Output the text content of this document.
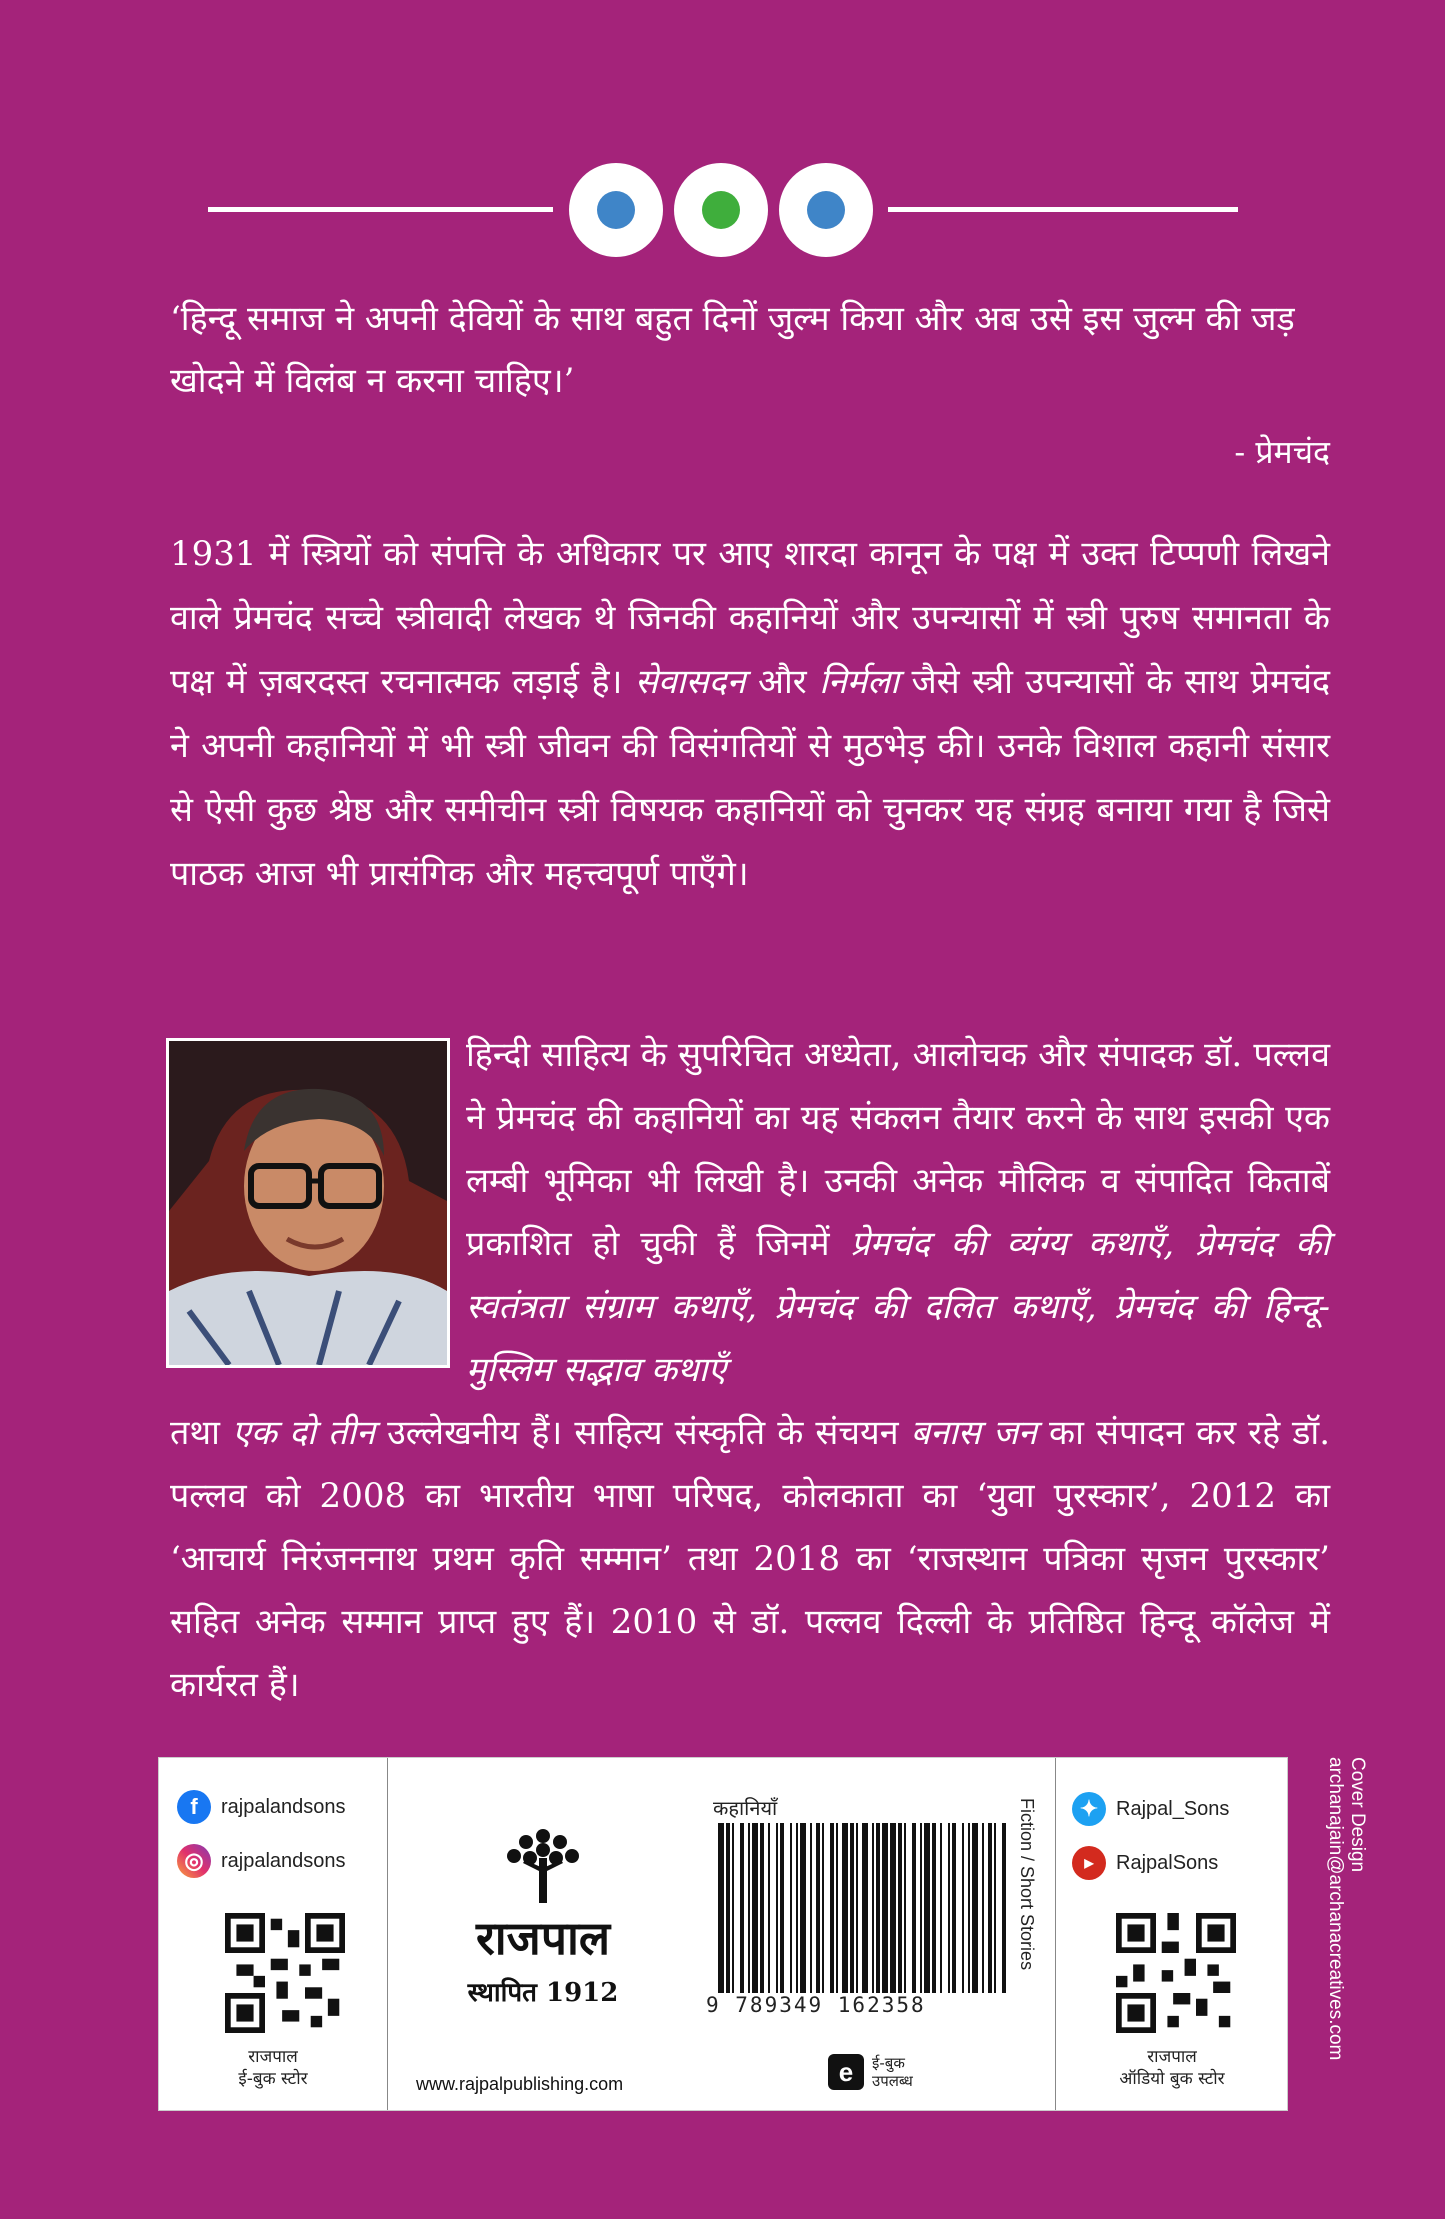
‘हिन्दू समाज ने अपनी देवियों के साथ बहुत दिनों जुल्म किया और अब उसे इस जुल्म की जड़ खोदने में विलंब न करना चाहिए।’
- प्रेमचंद
1931 में स्त्रियों को संपत्ति के अधिकार पर आए शारदा कानून के पक्ष में उक्त टिप्पणी लिखने वाले प्रेमचंद सच्चे स्त्रीवादी लेखक थे जिनकी कहानियों और उपन्यासों में स्त्री पुरुष समानता के पक्ष में ज़बरदस्त रचनात्मक लड़ाई है। सेवासदन और निर्मला जैसे स्त्री उपन्यासों के साथ प्रेमचंद ने अपनी कहानियों में भी स्त्री जीवन की विसंगतियों से मुठभेड़ की। उनके विशाल कहानी संसार से ऐसी कुछ श्रेष्ठ और समीचीन स्त्री विषयक कहानियों को चुनकर यह संग्रह बनाया गया है जिसे पाठक आज भी प्रासंगिक और महत्त्वपूर्ण पाएँगे।
हिन्दी साहित्य के सुपरिचित अध्येता, आलोचक और संपादक डॉ. पल्लव ने प्रेमचंद की कहानियों का यह संकलन तैयार करने के साथ इसकी एक लम्बी भूमिका भी लिखी है। उनकी अनेक मौलिक व संपादित किताबें प्रकाशित हो चुकी हैं जिनमें प्रेमचंद की व्यंग्य कथाएँ, प्रेमचंद की स्वतंत्रता संग्राम कथाएँ, प्रेमचंद की दलित कथाएँ, प्रेमचंद की हिन्दू-मुस्लिम सद्भाव कथाएँ
तथा एक दो तीन उल्लेखनीय हैं। साहित्य संस्कृति के संचयन बनास जन का संपादन कर रहे डॉ. पल्लव को 2008 का भारतीय भाषा परिषद, कोलकाता का ‘युवा पुरस्कार’, 2012 का ‘आचार्य निरंजननाथ प्रथम कृति सम्मान’ तथा 2018 का ‘राजस्थान पत्रिका सृजन पुरस्कार’ सहित अनेक सम्मान प्राप्त हुए हैं। 2010 से डॉ. पल्लव दिल्ली के प्रतिष्ठित हिन्दू कॉलेज में कार्यरत हैं।
f	rajpalandsons
◎ rajpalandsons
राजपाल
ई-बुक स्टोर
राजपाल
स्थापित 1912
www.rajpalpublishing.com
कहानियाँ
9 789349 162358
Fiction / Short Stories
e	ई-बुक
उपलब्ध
✦ Rajpal_Sons
▶	RajpalSons
राजपाल
ऑडियो बुक स्टोर
Cover Design
archanajain@archanacreatives.com
